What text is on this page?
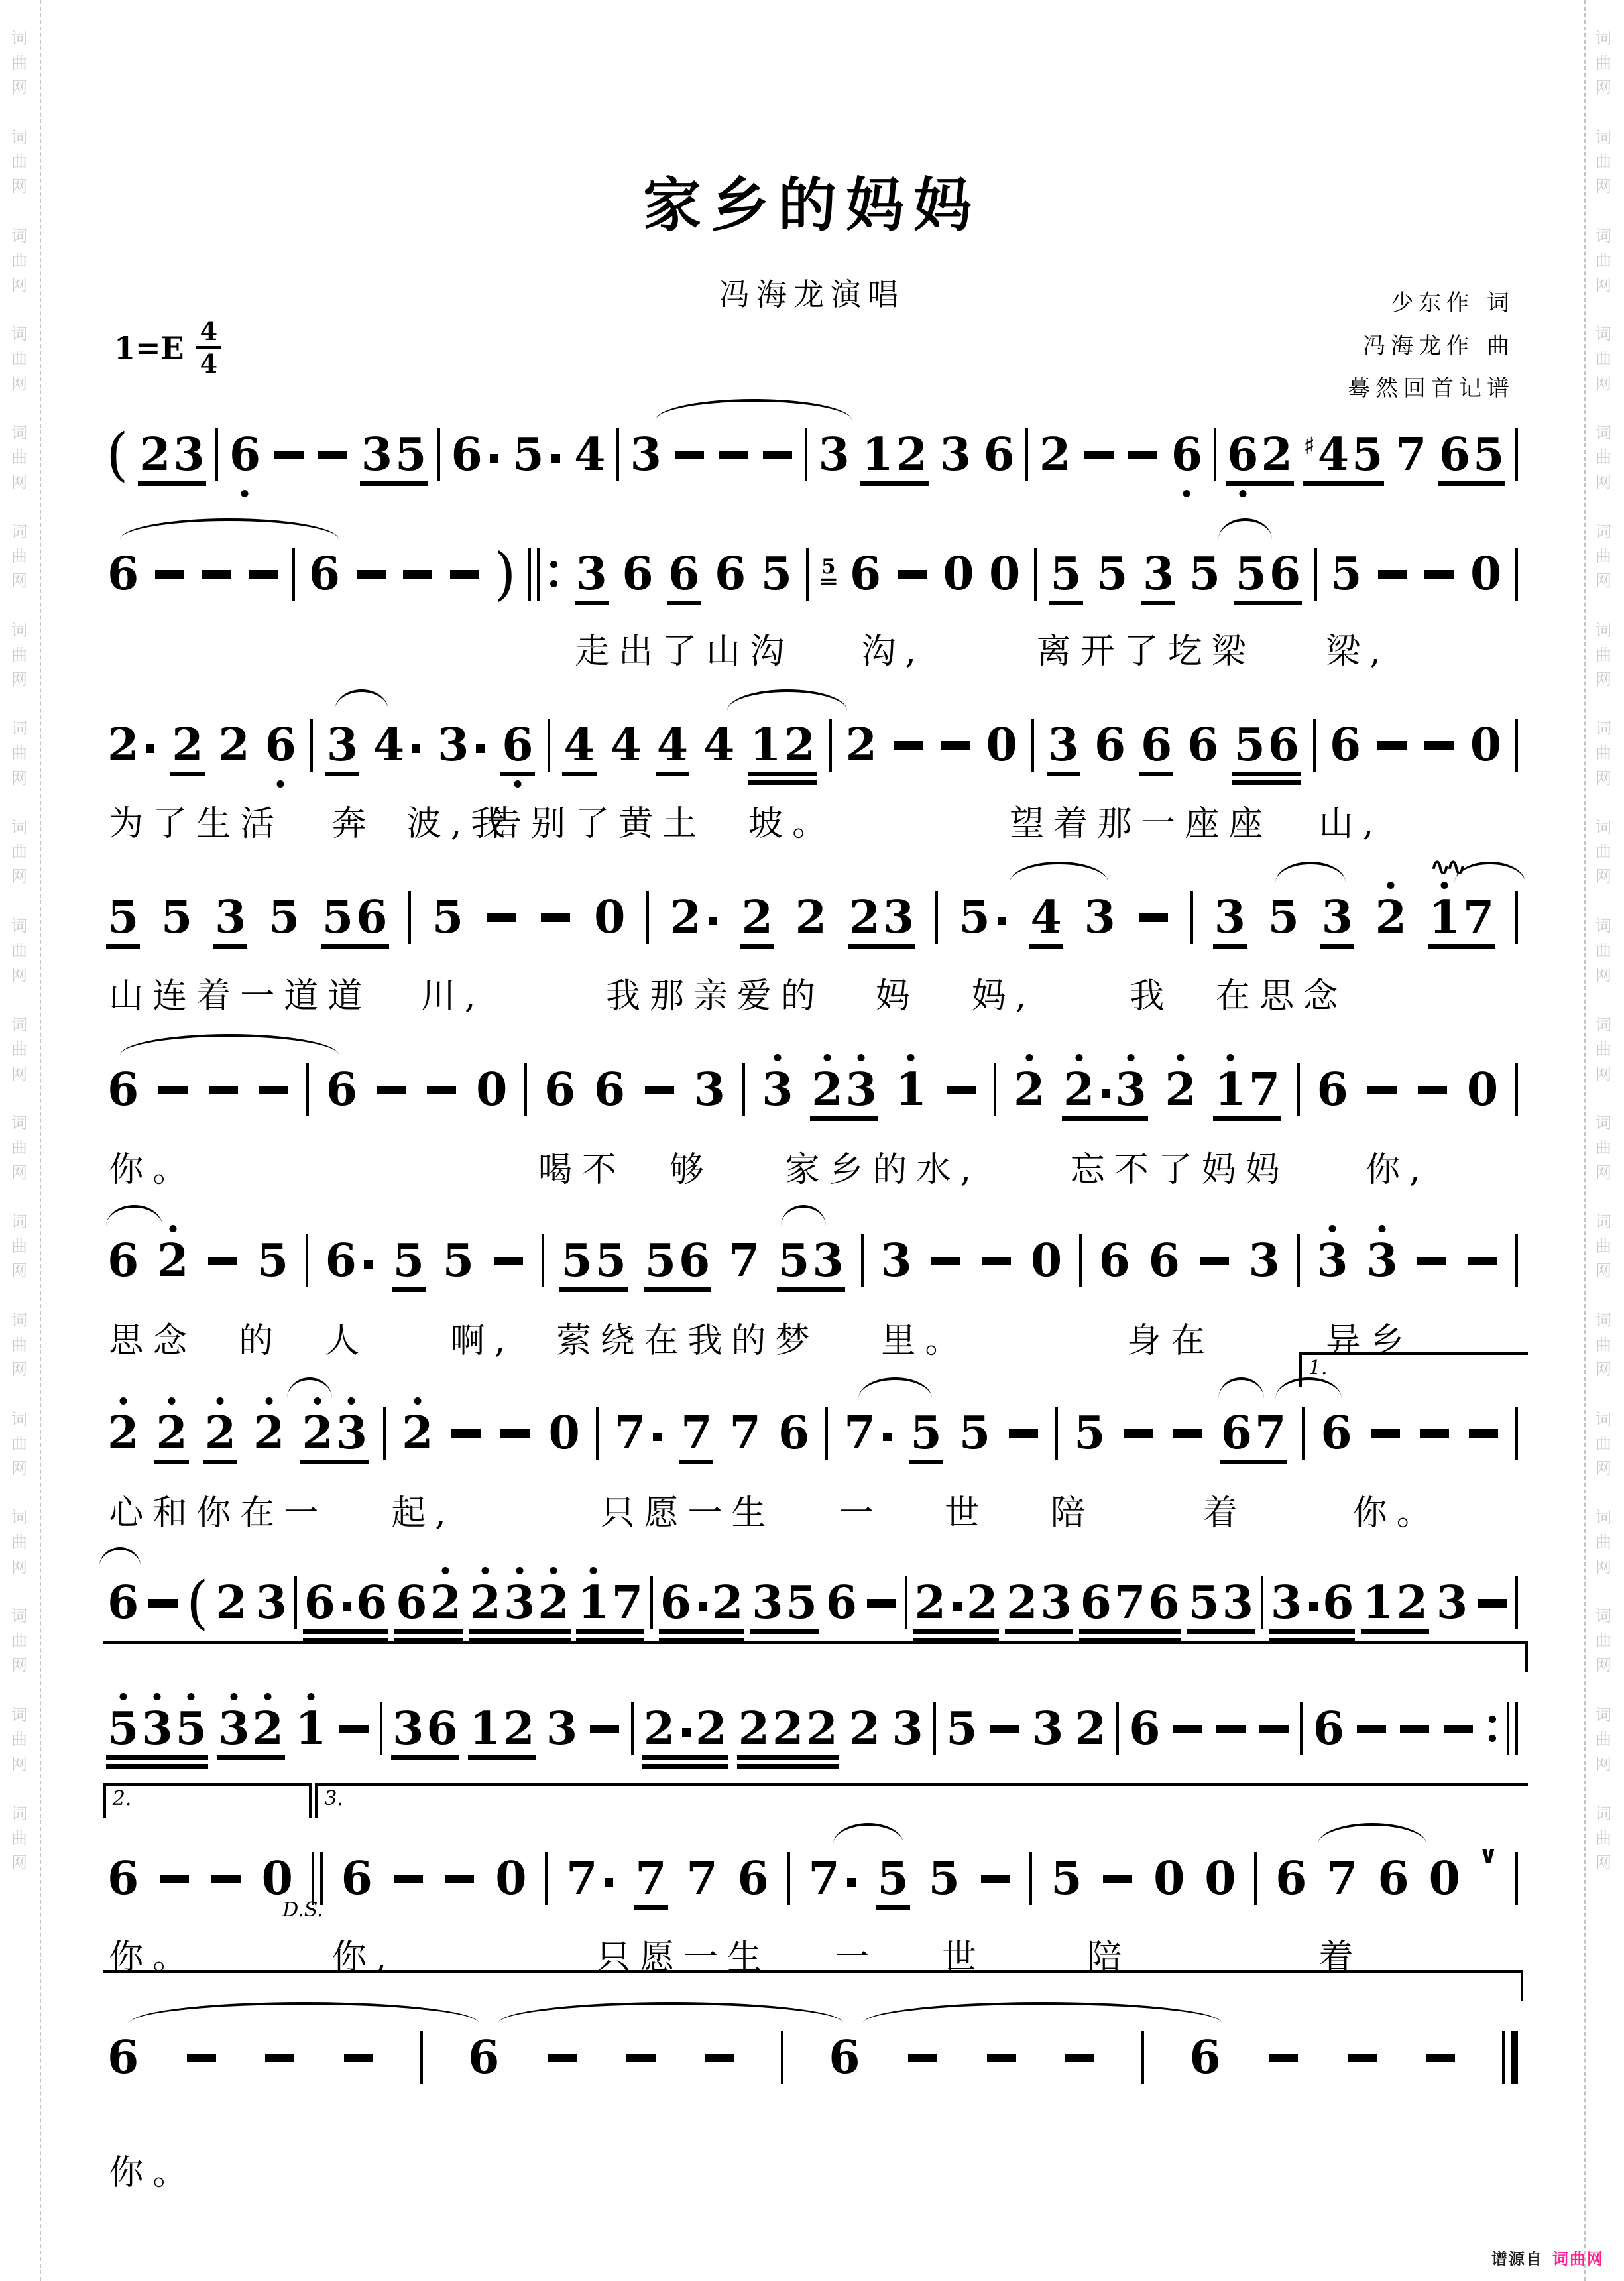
词
曲
网

词
曲
网

词
曲
网

词
曲
网

词
曲
网

词
曲
网

词
曲
网

词
曲
网

词
曲
网

词
曲
网

词
曲
网

词
曲
网

词
曲
网

词
曲
网

词
曲
网

词
曲
网

词
曲
网

词
曲
网

词
曲
网
词
曲
网

词
曲
网

词
曲
网

词
曲
网

词
曲
网

词
曲
网

词
曲
网

词
曲
网

词
曲
网

词
曲
网

词
曲
网

词
曲
网

词
曲
网

词
曲
网

词
曲
网

词
曲
网

词
曲
网

词
曲
网

词
曲
网
家乡的妈妈
冯海龙演唱	少东作 词
冯海龙作 曲
蓦然回首记谱
$1=E \frac{4}{4}$
( 23 6 35 6 5 4 3	3 12 3 6 2 6 6
2 ♯45 7 65
6	6	) 3 6 6 6 5 5 6 0 0 5 5 3 5 56 5 0
走出了山沟 沟,	离开了圪梁 梁,
2 2 2 6 3 4 3 6 4 4 4 4 12 2 0 3 6 6 6 56 6 0
为了生活 奔 波,我
告别了黄土 坡。	望着那一座座 山,
5 5 3 5 56 5	0 2 2 2 23 5 4 3 3 5 3 2
∿∿
1
7
山连着一道道 川,	我那亲爱的 妈 妈,	我 在思念
6	6	0 6 6 3 3 2
3 1 2 2 3 2 1
7 6	0
你。	喝不 够 家乡的水,	忘不了妈妈 你,
6 2 5 6 5 5 55 56 7 53 3	0 6 6 3 3 3
思念 的 人 啊, 萦绕在我的梦 里。	身在	异乡
2 2 2 2 2
3 2	0 7 7 7 6 7 5 5 5	67 6
1.
心和你在一 起,	只愿一生 一 世 陪	着	你。
6 ( 2 3 6 6 62 2
3
2 1
7 6 2 35 6 2 2 23 676 53 3 6 12 3
5
3
5 3
2 1 36 12 3 2 2 222 2 3 5 3 2 6	6
6	0 6	0 7 7 7 6 7 5 5 5 0 0 6 7 6 0 ∨
2.	3.
你。	你,	只愿一生 一 世	陪	着
D.S.
6	6	6	6
你。
谱源自 词曲网
